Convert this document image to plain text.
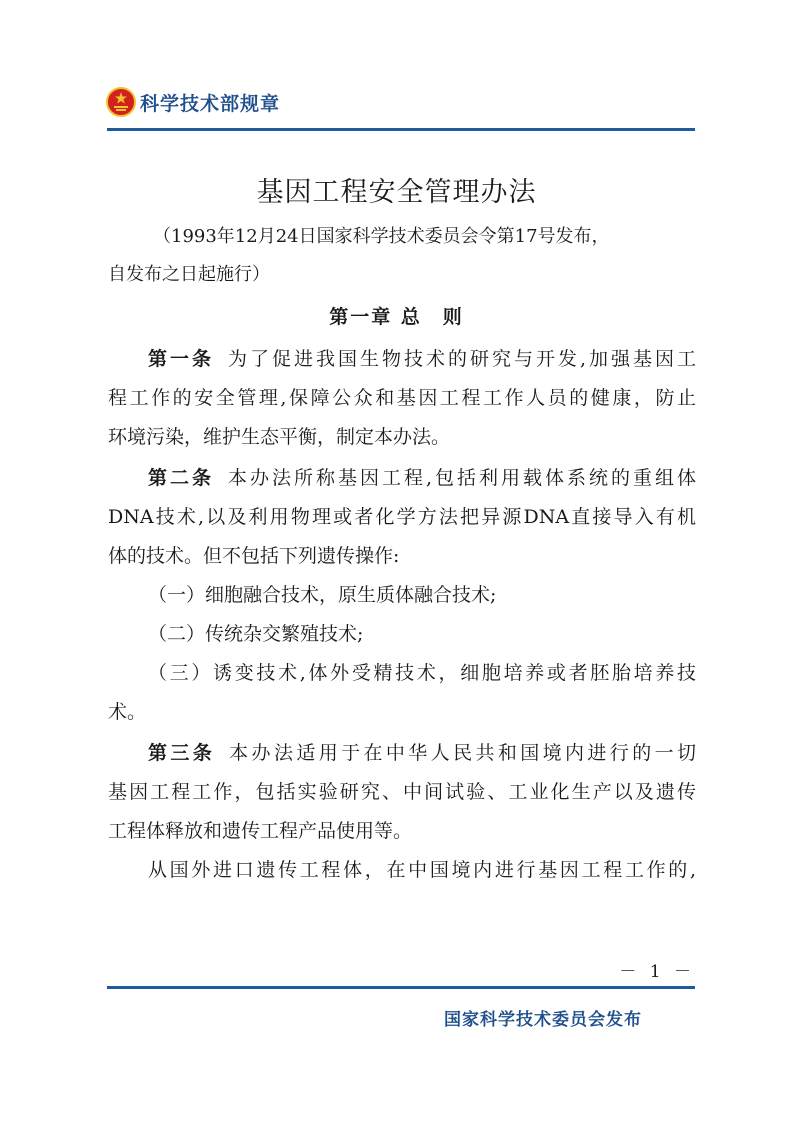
科学技术部规章
基因工程安全管理办法
（1993年12月24日国家科学技术委员会令第17号发布，
自发布之日起施行）
第一章 总　则
第一条 为了促进我国生物技术的研究与开发,加强基因工
程工作的安全管理,保障公众和基因工程工作人员的健康，防止
环境污染，维护生态平衡，制定本办法。
第二条 本办法所称基因工程,包括利用载体系统的重组体
DNA技术,以及利用物理或者化学方法把异源DNA直接导入有机
体的技术。但不包括下列遗传操作:
（一）细胞融合技术，原生质体融合技术;
（二）传统杂交繁殖技术;
（三）诱变技术,体外受精技术，细胞培养或者胚胎培养技
术。
第三条 本办法适用于在中华人民共和国境内进行的一切
基因工程工作，包括实验研究、中间试验、工业化生产以及遗传
工程体释放和遗传工程产品使用等。
从国外进口遗传工程体，在中国境内进行基因工程工作的,
－ 1 －
国家科学技术委员会发布
